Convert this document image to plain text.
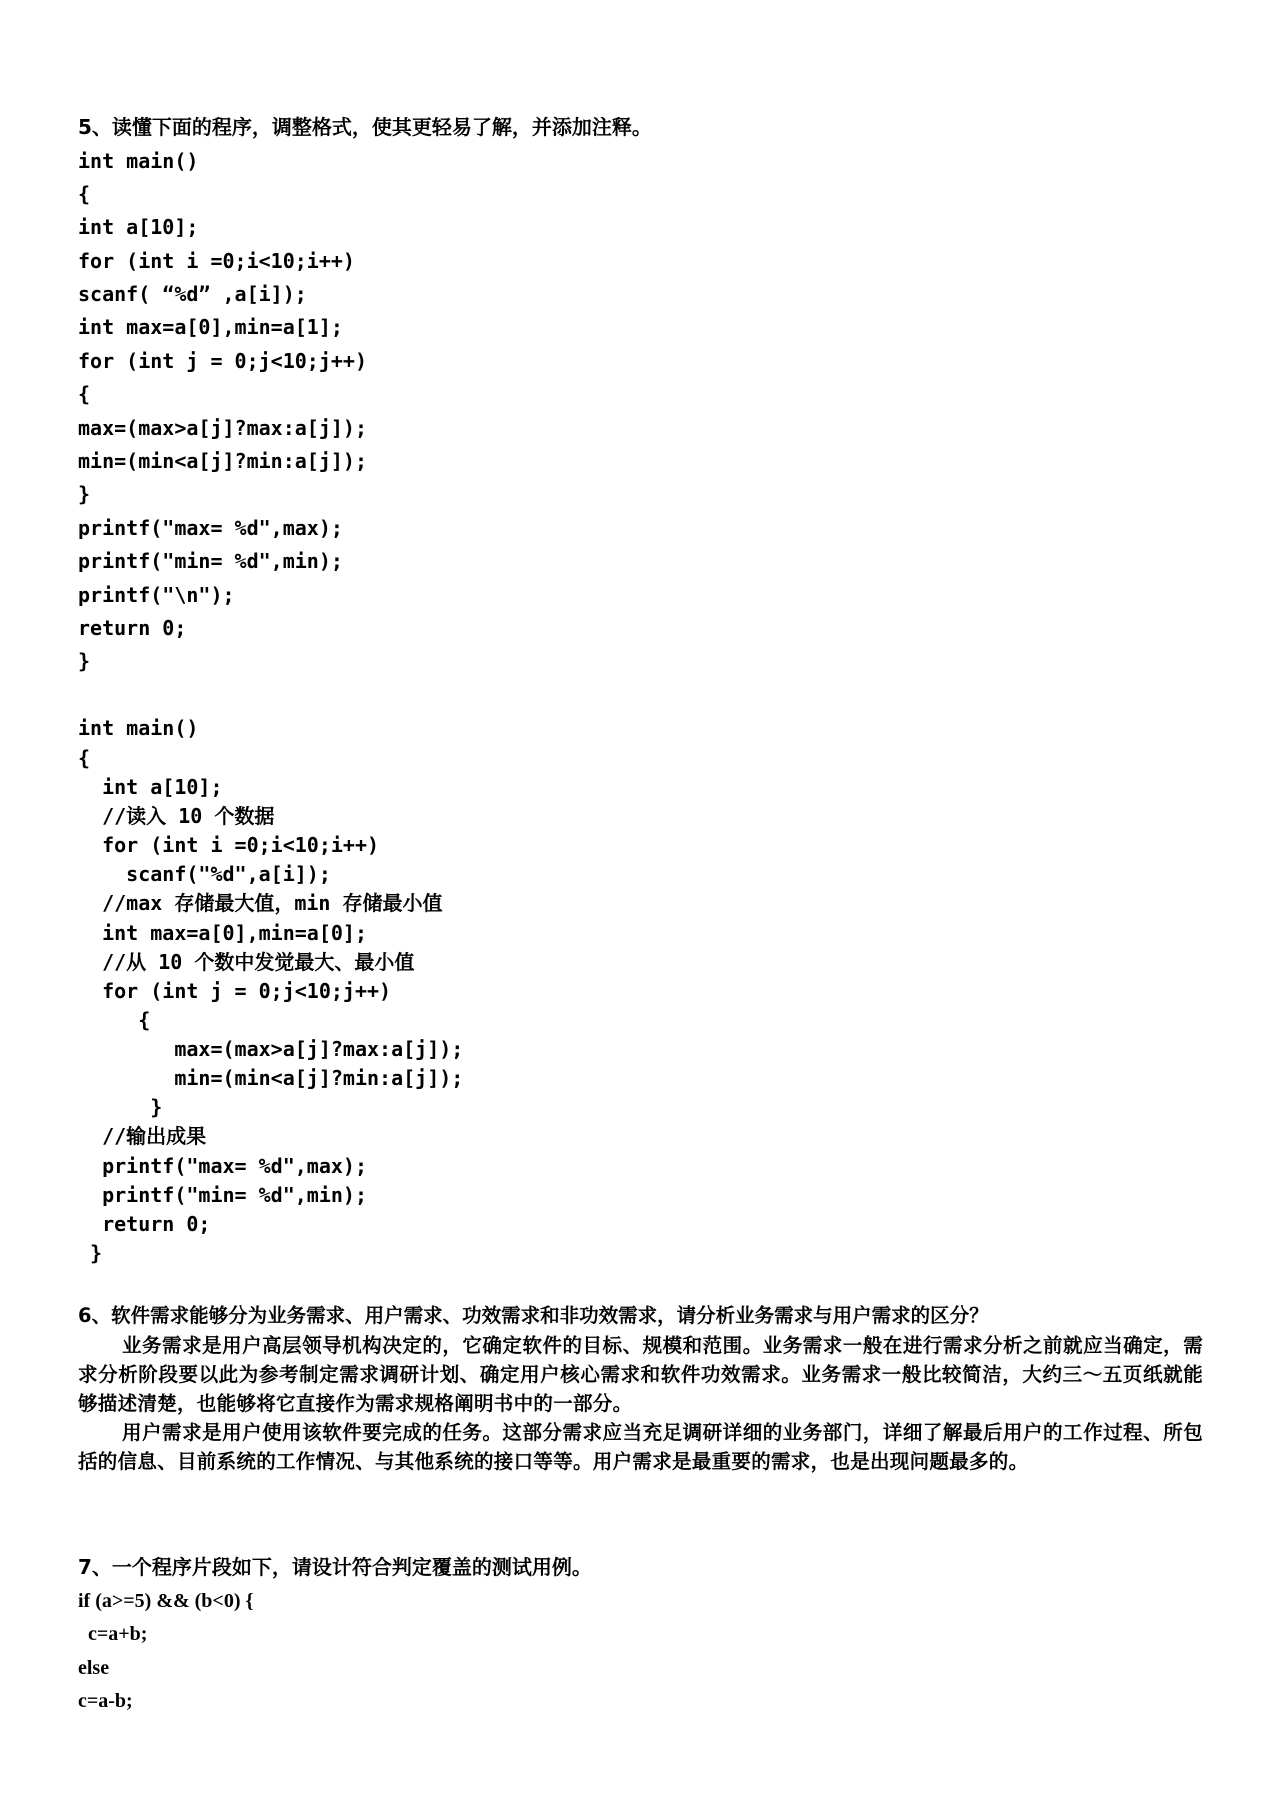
5、读懂下面的程序，调整格式，使其更轻易了解，并添加注释。
int main()
{
int a[10];
for (int i =0;i<10;i++)
scanf( “%d” ,a[i]);
int max=a[0],min=a[1];
for (int j = 0;j<10;j++)
{
max=(max>a[j]?max:a[j]);
min=(min<a[j]?min:a[j]);
}
printf("max= %d",max);
printf("min= %d",min);
printf("\n");
return 0;
}
int main()
{
int a[10];
//读入 10 个数据
for (int i =0;i<10;i++)
scanf("%d",a[i]);
//max 存储最大值，min 存储最小值
int max=a[0],min=a[0];
//从 10 个数中发觉最大、最小值
for (int j = 0;j<10;j++)
{
max=(max>a[j]?max:a[j]);
min=(min<a[j]?min:a[j]);
}
//输出成果
printf("max= %d",max);
printf("min= %d",min);
return 0;
}
6、软件需求能够分为业务需求、用户需求、功效需求和非功效需求，请分析业务需求与用户需求的区分？
业务需求是用户高层领导机构决定的，它确定软件的目标、规模和范围。业务需求一般在进行需求分析之前就应当确定，需求分析阶段要以此为参考制定需求调研计划、确定用户核心需求和软件功效需求。业务需求一般比较简洁，大约三～五页纸就能够描述清楚，也能够将它直接作为需求规格阐明书中的一部分。
用户需求是用户使用该软件要完成的任务。这部分需求应当充足调研详细的业务部门，详细了解最后用户的工作过程、所包括的信息、目前系统的工作情况、与其他系统的接口等等。用户需求是最重要的需求，也是出现问题最多的。
7、一个程序片段如下，请设计符合判定覆盖的测试用例。
if (a>=5) && (b<0) {
c=a+b;
else
c=a-b;
